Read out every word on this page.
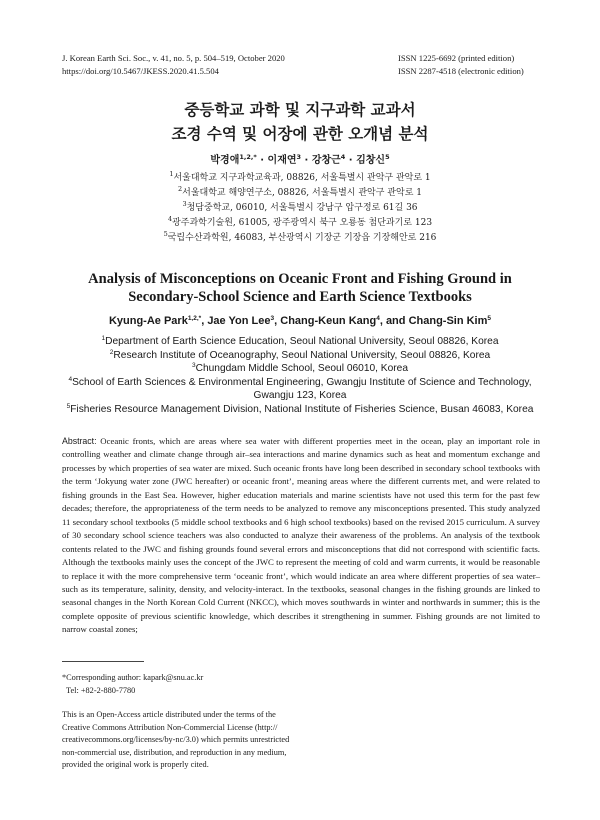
J. Korean Earth Sci. Soc., v. 41, no. 5, p. 504–519, October 2020
https://doi.org/10.5467/JKESS.2020.41.5.504
ISSN 1225-6692 (printed edition)
ISSN 2287-4518 (electronic edition)
중등학교 과학 및 지구과학 교과서
조경 수역 및 어장에 관한 오개념 분석
박경애$^{1,2,*}$ · 이재연$^3$ · 강창근$^4$ · 김창신$^5$
$^1$서울대학교 지구과학교육과, 08826, 서울특별시 관악구 관악로 1
$^2$서울대학교 해양연구소, 08826, 서울특별시 관악구 관악로 1
$^3$청담중학교, 06010, 서울특별시 강남구 압구정로 61길 36
$^4$광주과학기술원, 61005, 광주광역시 북구 오룡동 첨단과기로 123
$^5$국립수산과학원, 46083, 부산광역시 기장군 기장읍 기장해안로 216
Analysis of Misconceptions on Oceanic Front and Fishing Ground in
Secondary-School Science and Earth Science Textbooks
Kyung-Ae Park$^{1,2,*}$, Jae Yon Lee$^3$, Chang-Keun Kang$^4$, and Chang-Sin Kim$^5$
$^1$Department of Earth Science Education, Seoul National University, Seoul 08826, Korea
$^2$Research Institute of Oceanography, Seoul National University, Seoul 08826, Korea
$^3$Chungdam Middle School, Seoul 06010, Korea
$^4$School of Earth Sciences & Environmental Engineering, Gwangju Institute of Science and Technology,
Gwangju 123, Korea
$^5$Fisheries Resource Management Division, National Institute of Fisheries Science, Busan 46083, Korea
Abstract: Oceanic fronts, which are areas where sea water with different properties meet in the ocean, play an important role in controlling weather and climate change through air–sea interactions and marine dynamics such as heat and momentum exchange and processes by which properties of sea water are mixed. Such oceanic fronts have long been described in secondary school textbooks with the term ‘Jokyung water zone (JWC hereafter) or oceanic front’, meaning areas where the different currents met, and were related to fishing grounds in the East Sea. However, higher education materials and marine scientists have not used this term for the past few decades; therefore, the appropriateness of the term needs to be analyzed to remove any misconceptions presented. This study analyzed 11 secondary school textbooks (5 middle school textbooks and 6 high school textbooks) based on the revised 2015 curriculum. A survey of 30 secondary school science teachers was also conducted to analyze their awareness of the problems. An analysis of the textbook contents related to the JWC and fishing grounds found several errors and misconceptions that did not correspond with scientific facts. Although the textbooks mainly uses the concept of the JWC to represent the meeting of cold and warm currents, it would be reasonable to replace it with the more comprehensive term ‘oceanic front’, which would indicate an area where different properties of sea water–such as its temperature, salinity, density, and velocity-interact. In the textbooks, seasonal changes in the fishing grounds are linked to seasonal changes in the North Korean Cold Current (NKCC), which moves southwards in winter and northwards in summer; this is the complete opposite of previous scientific knowledge, which describes it strengthening in summer. Fishing grounds are not limited to narrow coastal zones;
*Corresponding author: kapark@snu.ac.kr
Tel: +82-2-880-7780
This is an Open-Access article distributed under the terms of the Creative Commons Attribution Non-Commercial License (http:// creativecommons.org/licenses/by-nc/3.0) which permits unrestricted non-commercial use, distribution, and reproduction in any medium, provided the original work is properly cited.
